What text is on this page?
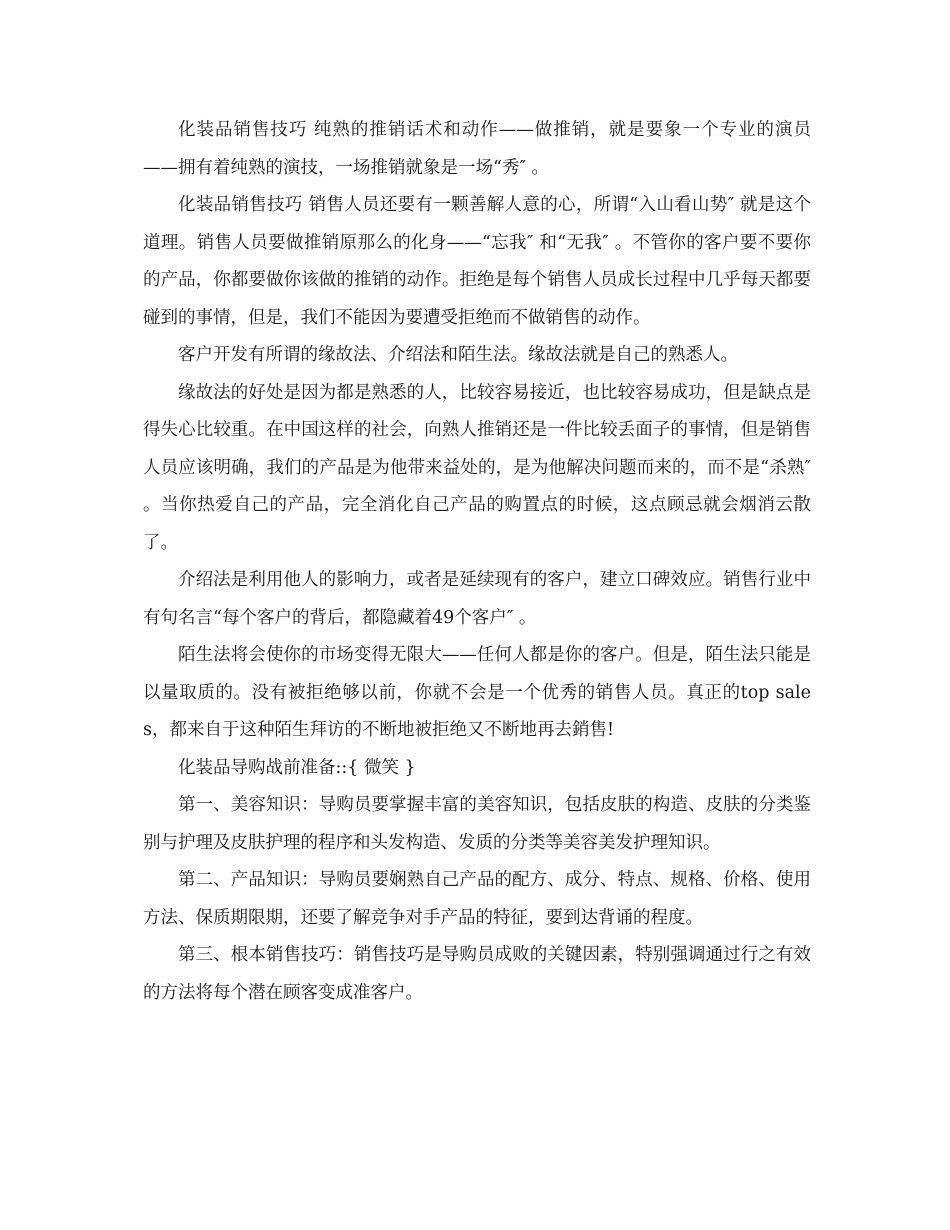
化装品销售技巧 纯熟的推销话术和动作——做推销，就是要象一个专业的演员——拥有着纯熟的演技，一场推销就象是一场“秀″ 。

化装品销售技巧 销售人员还要有一颗善解人意的心，所谓“入山看山势″ 就是这个道理。销售人员要做推销原那么的化身——“忘我″ 和“无我″ 。不管你的客户要不要你的产品，你都要做你该做的推销的动作。拒绝是每个销售人员成长过程中几乎每天都要碰到的事情，但是，我们不能因为要遭受拒绝而不做销售的动作。

客户开发有所谓的缘故法、介绍法和陌生法。缘故法就是自己的熟悉人。

缘故法的好处是因为都是熟悉的人，比较容易接近，也比较容易成功，但是缺点是得失心比较重。在中国这样的社会，向熟人推销还是一件比较丢面子的事情，但是销售人员应该明确，我们的产品是为他带来益处的，是为他解决问题而来的，而不是“杀熟″ 。当你热爱自己的产品，完全消化自己产品的购置点的时候，这点顾忌就会烟消云散了。

介绍法是利用他人的影响力，或者是延续现有的客户，建立口碑效应。销售行业中有句名言“每个客户的背后，都隐藏着49个客户″ 。

陌生法将会使你的市场变得无限大——任何人都是你的客户。但是，陌生法只能是以量取质的。没有被拒绝够以前，你就不会是一个优秀的销售人员。真正的top sales，都来自于这种陌生拜访的不断地被拒绝又不断地再去銷售!

化装品导购战前准备::{ 微笑 }

第一、美容知识：导购员要掌握丰富的美容知识，包括皮肤的构造、皮肤的分类鉴别与护理及皮肤护理的程序和头发构造、发质的分类等美容美发护理知识。

第二、产品知识：导购员要娴熟自己产品的配方、成分、特点、规格、价格、使用方法、保质期限期，还要了解竞争对手产品的特征，要到达背诵的程度。

第三、根本销售技巧：销售技巧是导购员成败的关键因素，特别强调通过行之有效的方法将每个潜在顾客变成准客户。
